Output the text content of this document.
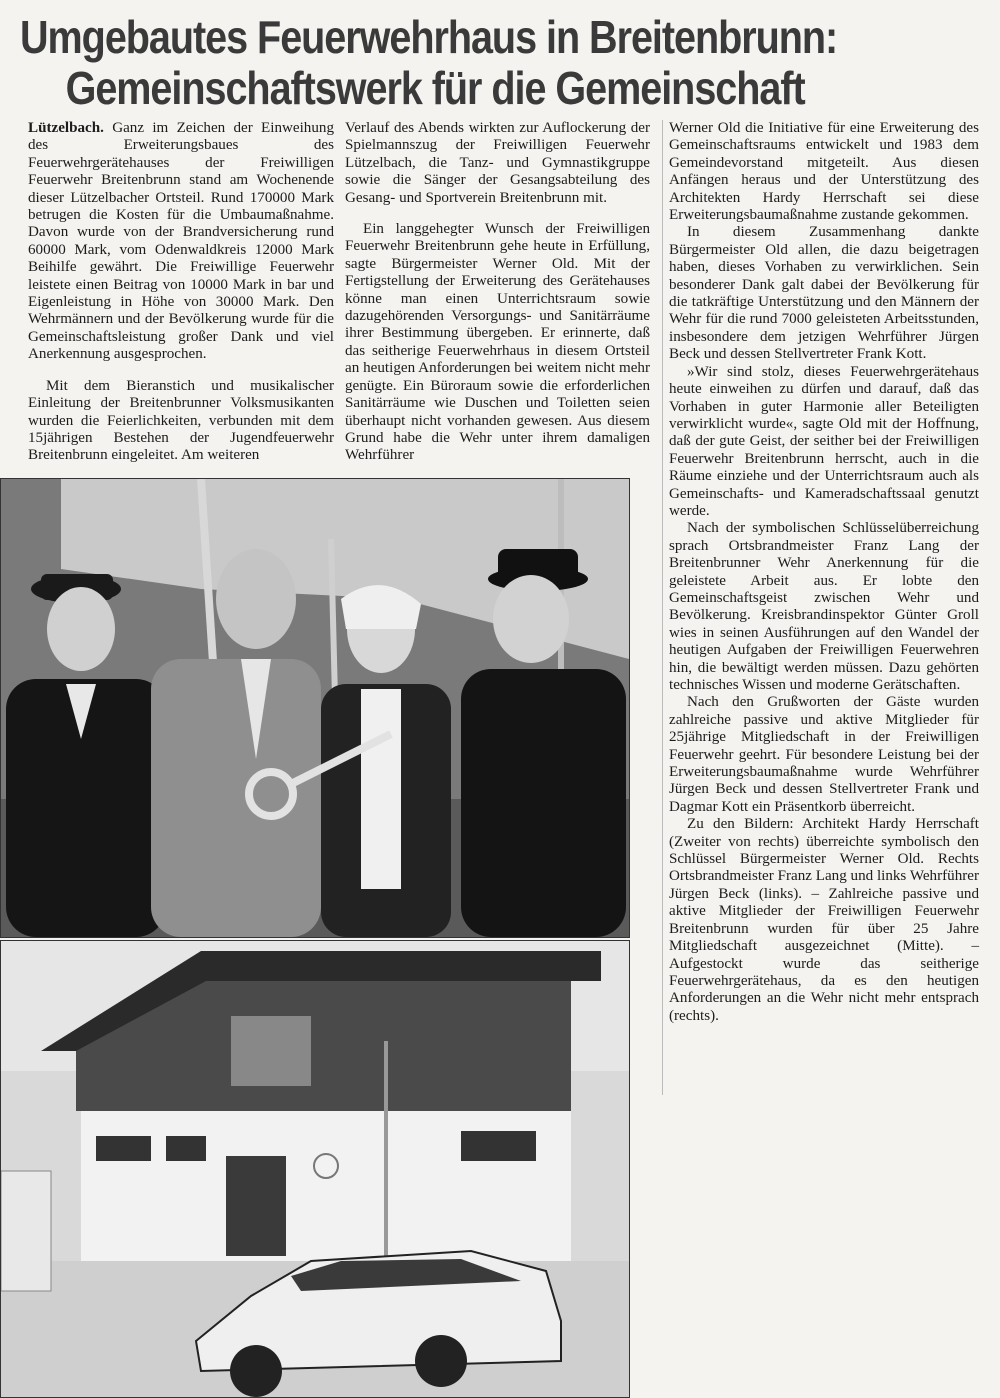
Umgebautes Feuerwehrhaus in Breitenbrunn:
Gemeinschaftswerk für die Gemeinschaft

Lützelbach. Ganz im Zeichen der Einweihung des Erweiterungsbaues des Feuerwehrgerätehauses der Freiwilligen Feuerwehr Breitenbrunn stand am Wochenende dieser Lützelbacher Ortsteil. Rund 170000 Mark betrugen die Kosten für die Umbaumaßnahme. Davon wurde von der Brandversicherung rund 60000 Mark, vom Odenwaldkreis 12000 Mark Beihilfe gewährt. Die Freiwillige Feuerwehr leistete einen Beitrag von 10000 Mark in bar und Eigenleistung in Höhe von 30000 Mark. Den Wehrmännern und der Bevölkerung wurde für die Gemeinschaftsleistung großer Dank und viel Anerkennung ausgesprochen.

Mit dem Bieranstich und musikalischer Einleitung der Breitenbrunner Volksmusikanten wurden die Feierlichkeiten, verbunden mit dem 15jährigen Bestehen der Jugendfeuerwehr Breitenbrunn eingeleitet. Am weiteren

Verlauf des Abends wirkten zur Auflockerung der Spielmannszug der Freiwilligen Feuerwehr Lützelbach, die Tanz- und Gymnastikgruppe sowie die Sänger der Gesangsabteilung des Gesang- und Sportverein Breitenbrunn mit.

Ein langgehegter Wunsch der Freiwilligen Feuerwehr Breitenbrunn gehe heute in Erfüllung, sagte Bürgermeister Werner Old. Mit der Fertigstellung der Erweiterung des Gerätehauses könne man einen Unterrichtsraum sowie dazugehörenden Versorgungs- und Sanitärräume ihrer Bestimmung übergeben. Er erinnerte, daß das seitherige Feuerwehrhaus in diesem Ortsteil an heutigen Anforderungen bei weitem nicht mehr genügte. Ein Büroraum sowie die erforderlichen Sanitärräume wie Duschen und Toiletten seien überhaupt nicht vorhanden gewesen. Aus diesem Grund habe die Wehr unter ihrem damaligen Wehrführer

Werner Old die Initiative für eine Erweiterung des Gemeinschaftsraums entwickelt und 1983 dem Gemeindevorstand mitgeteilt. Aus diesen Anfängen heraus und der Unterstützung des Architekten Hardy Herrschaft sei diese Erweiterungsbaumaßnahme zustande gekommen.

In diesem Zusammenhang dankte Bürgermeister Old allen, die dazu beigetragen haben, dieses Vorhaben zu verwirklichen. Sein besonderer Dank galt dabei der Bevölkerung für die tatkräftige Unterstützung und den Männern der Wehr für die rund 7000 geleisteten Arbeitsstunden, insbesondere dem jetzigen Wehrführer Jürgen Beck und dessen Stellvertreter Frank Kott.

»Wir sind stolz, dieses Feuerwehrgerätehaus heute einweihen zu dürfen und darauf, daß das Vorhaben in guter Harmonie aller Beteiligten verwirklicht wurde«, sagte Old mit der Hoffnung, daß der gute Geist, der seither bei der Freiwilligen Feuerwehr Breitenbrunn herrscht, auch in die Räume einziehe und der Unterrichtsraum auch als Gemeinschafts- und Kameradschaftssaal genutzt werde.

Nach der symbolischen Schlüsselüberreichung sprach Ortsbrandmeister Franz Lang der Breitenbrunner Wehr Anerkennung für die geleistete Arbeit aus. Er lobte den Gemeinschaftsgeist zwischen Wehr und Bevölkerung. Kreisbrandinspektor Günter Groll wies in seinen Ausführungen auf den Wandel der heutigen Aufgaben der Freiwilligen Feuerwehren hin, die bewältigt werden müssen. Dazu gehörten technisches Wissen und moderne Gerätschaften.

Nach den Grußworten der Gäste wurden zahlreiche passive und aktive Mitglieder für 25jährige Mitgliedschaft in der Freiwilligen Feuerwehr geehrt. Für besondere Leistung bei der Erweiterungsbaumaßnahme wurde Wehrführer Jürgen Beck und dessen Stellvertreter Frank und Dagmar Kott ein Präsentkorb überreicht.

Zu den Bildern: Architekt Hardy Herrschaft (Zweiter von rechts) überreichte symbolisch den Schlüssel Bürgermeister Werner Old. Rechts Ortsbrandmeister Franz Lang und links Wehrführer Jürgen Beck (links). – Zahlreiche passive und aktive Mitglieder der Freiwilligen Feuerwehr Breitenbrunn wurden für über 25 Jahre Mitgliedschaft ausgezeichnet (Mitte). – Aufgestockt wurde das seitherige Feuerwehrgerätehaus, da es den heutigen Anforderungen an die Wehr nicht mehr entsprach (rechts).
